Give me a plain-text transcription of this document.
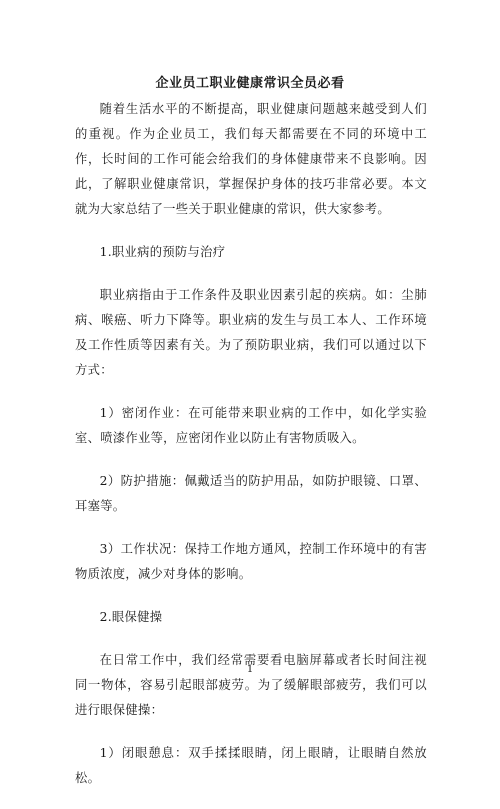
企业员工职业健康常识全员必看

随着生活水平的不断提高，职业健康问题越来越受到人们的重视。作为企业员工，我们每天都需要在不同的环境中工作，长时间的工作可能会给我们的身体健康带来不良影响。因此，了解职业健康常识，掌握保护身体的技巧非常必要。本文就为大家总结了一些关于职业健康的常识，供大家参考。

1.职业病的预防与治疗

职业病指由于工作条件及职业因素引起的疾病。如：尘肺病、喉癌、听力下降等。职业病的发生与员工本人、工作环境及工作性质等因素有关。为了预防职业病，我们可以通过以下方式：

1）密闭作业：在可能带来职业病的工作中，如化学实验室、喷漆作业等，应密闭作业以防止有害物质吸入。

2）防护措施：佩戴适当的防护用品，如防护眼镜、口罩、耳塞等。

3）工作状况：保持工作地方通风，控制工作环境中的有害物质浓度，减少对身体的影响。

2.眼保健操

在日常工作中，我们经常需要看电脑屏幕或者长时间注视同一物体，容易引起眼部疲劳。为了缓解眼部疲劳，我们可以进行眼保健操：

1）闭眼憩息：双手揉揉眼睛，闭上眼睛，让眼睛自然放松。

1
